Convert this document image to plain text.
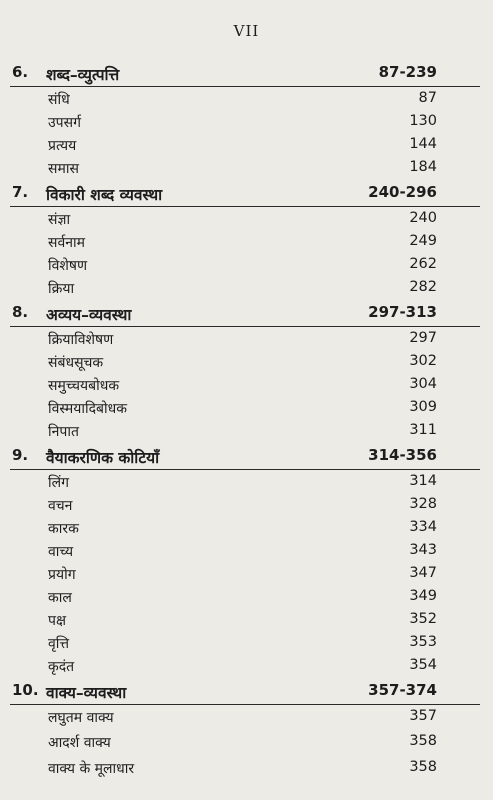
VII
6. शब्द–व्युत्पत्ति	87-239
संधि	87
उपसर्ग	130
प्रत्यय	144
समास	184
7. विकारी शब्द व्यवस्था	240-296
संज्ञा	240
सर्वनाम	249
विशेषण	262
क्रिया	282
8. अव्यय–व्यवस्था	297-313
क्रियाविशेषण	297
संबंधसूचक	302
समुच्चयबोधक	304
विस्मयादिबोधक	309
निपात	311
9. वैयाकरणिक कोटियाँ	314-356
लिंग	314
वचन	328
कारक	334
वाच्य	343
प्रयोग	347
काल	349
पक्ष	352
वृत्ति	353
कृदंत	354
10. वाक्य–व्यवस्था	357-374
लघुतम वाक्य	357
आदर्श वाक्य	358
वाक्य के मूलाधार	358
